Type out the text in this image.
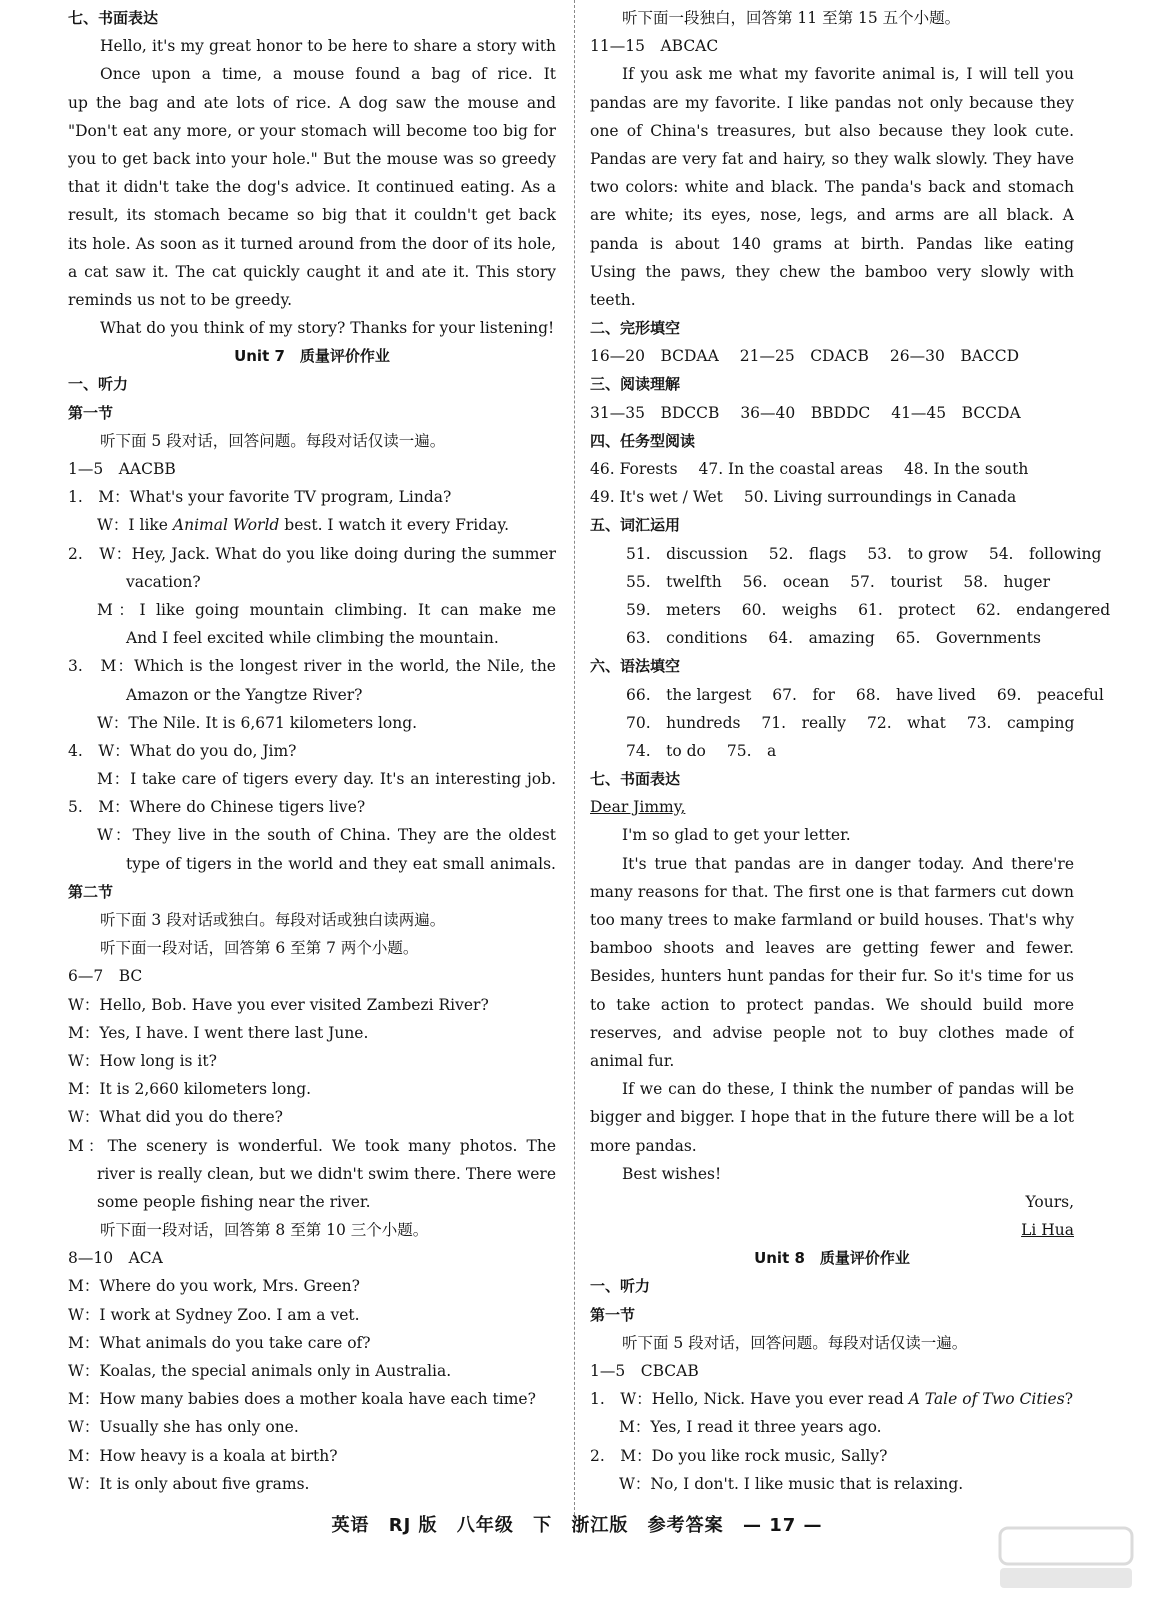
七、书面表达
Hello, it's my great honor to be here to share a story with
Once upon a time, a mouse found a bag of rice. It
up the bag and ate lots of rice. A dog saw the mouse and
"Don't eat any more, or your stomach will become too big for
you to get back into your hole." But the mouse was so greedy
that it didn't take the dog's advice. It continued eating. As a
result, its stomach became so big that it couldn't get back
its hole. As soon as it turned around from the door of its hole,
a cat saw it. The cat quickly caught it and ate it. This story
reminds us not to be greedy.
What do you think of my story? Thanks for your listening!
Unit 7　质量评价作业
一、听力
第一节
听下面 5 段对话，回答问题。每段对话仅读一遍。
1—5　AACBB
1.　M：What's your favorite TV program, Linda?
W：I like Animal World best. I watch it every Friday.
2.　W：Hey, Jack. What do you like doing during the summer
vacation?
M：I like going mountain climbing. It can make me
And I feel excited while climbing the mountain.
3.　M：Which is the longest river in the world, the Nile, the
Amazon or the Yangtze River?
W：The Nile. It is 6,671 kilometers long.
4.　W：What do you do, Jim?
M：I take care of tigers every day. It's an interesting job.
5.　M：Where do Chinese tigers live?
W：They live in the south of China. They are the oldest
type of tigers in the world and they eat small animals.
第二节
听下面 3 段对话或独白。每段对话或独白读两遍。
听下面一段对话，回答第 6 至第 7 两个小题。
6—7　BC
W：Hello, Bob. Have you ever visited Zambezi River?
M：Yes, I have. I went there last June.
W：How long is it?
M：It is 2,660 kilometers long.
W：What did you do there?
M：The scenery is wonderful. We took many photos. The
river is really clean, but we didn't swim there. There were
some people fishing near the river.
听下面一段对话，回答第 8 至第 10 三个小题。
8—10　ACA
M：Where do you work, Mrs. Green?
W：I work at Sydney Zoo. I am a vet.
M：What animals do you take care of?
W：Koalas, the special animals only in Australia.
M：How many babies does a mother koala have each time?
W：Usually she has only one.
M：How heavy is a koala at birth?
W：It is only about five grams.
听下面一段独白，回答第 11 至第 15 五个小题。
11—15　ABCAC
If you ask me what my favorite animal is, I will tell you
pandas are my favorite. I like pandas not only because they
one of China's treasures, but also because they look cute.
Pandas are very fat and hairy, so they walk slowly. They have
two colors: white and black. The panda's back and stomach
are white; its eyes, nose, legs, and arms are all black. A
panda is about 140 grams at birth. Pandas like eating
Using the paws, they chew the bamboo very slowly with
teeth.
二、完形填空
16—20　BCDAA 21—25　CDACB 26—30　BACCD
三、阅读理解
31—35　BDCCB 36—40　BBDDC 41—45　BCCDA
四、任务型阅读
46. Forests 47. In the coastal areas 48. In the south
49. It's wet / Wet 50. Living surroundings in Canada
五、词汇运用
51.　discussion 52.　flags 53.　to grow 54.　following
55.　twelfth 56.　ocean 57.　tourist 58.　huger
59.　meters 60.　weighs 61.　protect 62.　endangered
63.　conditions 64.　amazing 65.　Governments
六、语法填空
66.　the largest 67.　for 68.　have lived 69.　peaceful
70.　hundreds 71.　really 72.　what 73.　camping
74.　to do 75.　a
七、书面表达
Dear Jimmy,
I'm so glad to get your letter.
It's true that pandas are in danger today. And there're
many reasons for that. The first one is that farmers cut down
too many trees to make farmland or build houses. That's why
bamboo shoots and leaves are getting fewer and fewer.
Besides, hunters hunt pandas for their fur. So it's time for us
to take action to protect pandas. We should build more
reserves, and advise people not to buy clothes made of
animal fur.
If we can do these, I think the number of pandas will be
bigger and bigger. I hope that in the future there will be a lot
more pandas.
Best wishes!
Yours,
Li Hua
Unit 8　质量评价作业
一、听力
第一节
听下面 5 段对话，回答问题。每段对话仅读一遍。
1—5　CBCAB
1.　W：Hello, Nick. Have you ever read A Tale of Two Cities?
M：Yes, I read it three years ago.
2.　M：Do you like rock music, Sally?
W：No, I don't. I like music that is relaxing.
英语 RJ 版 八年级 下 浙江版 参考答案 — 17 —
